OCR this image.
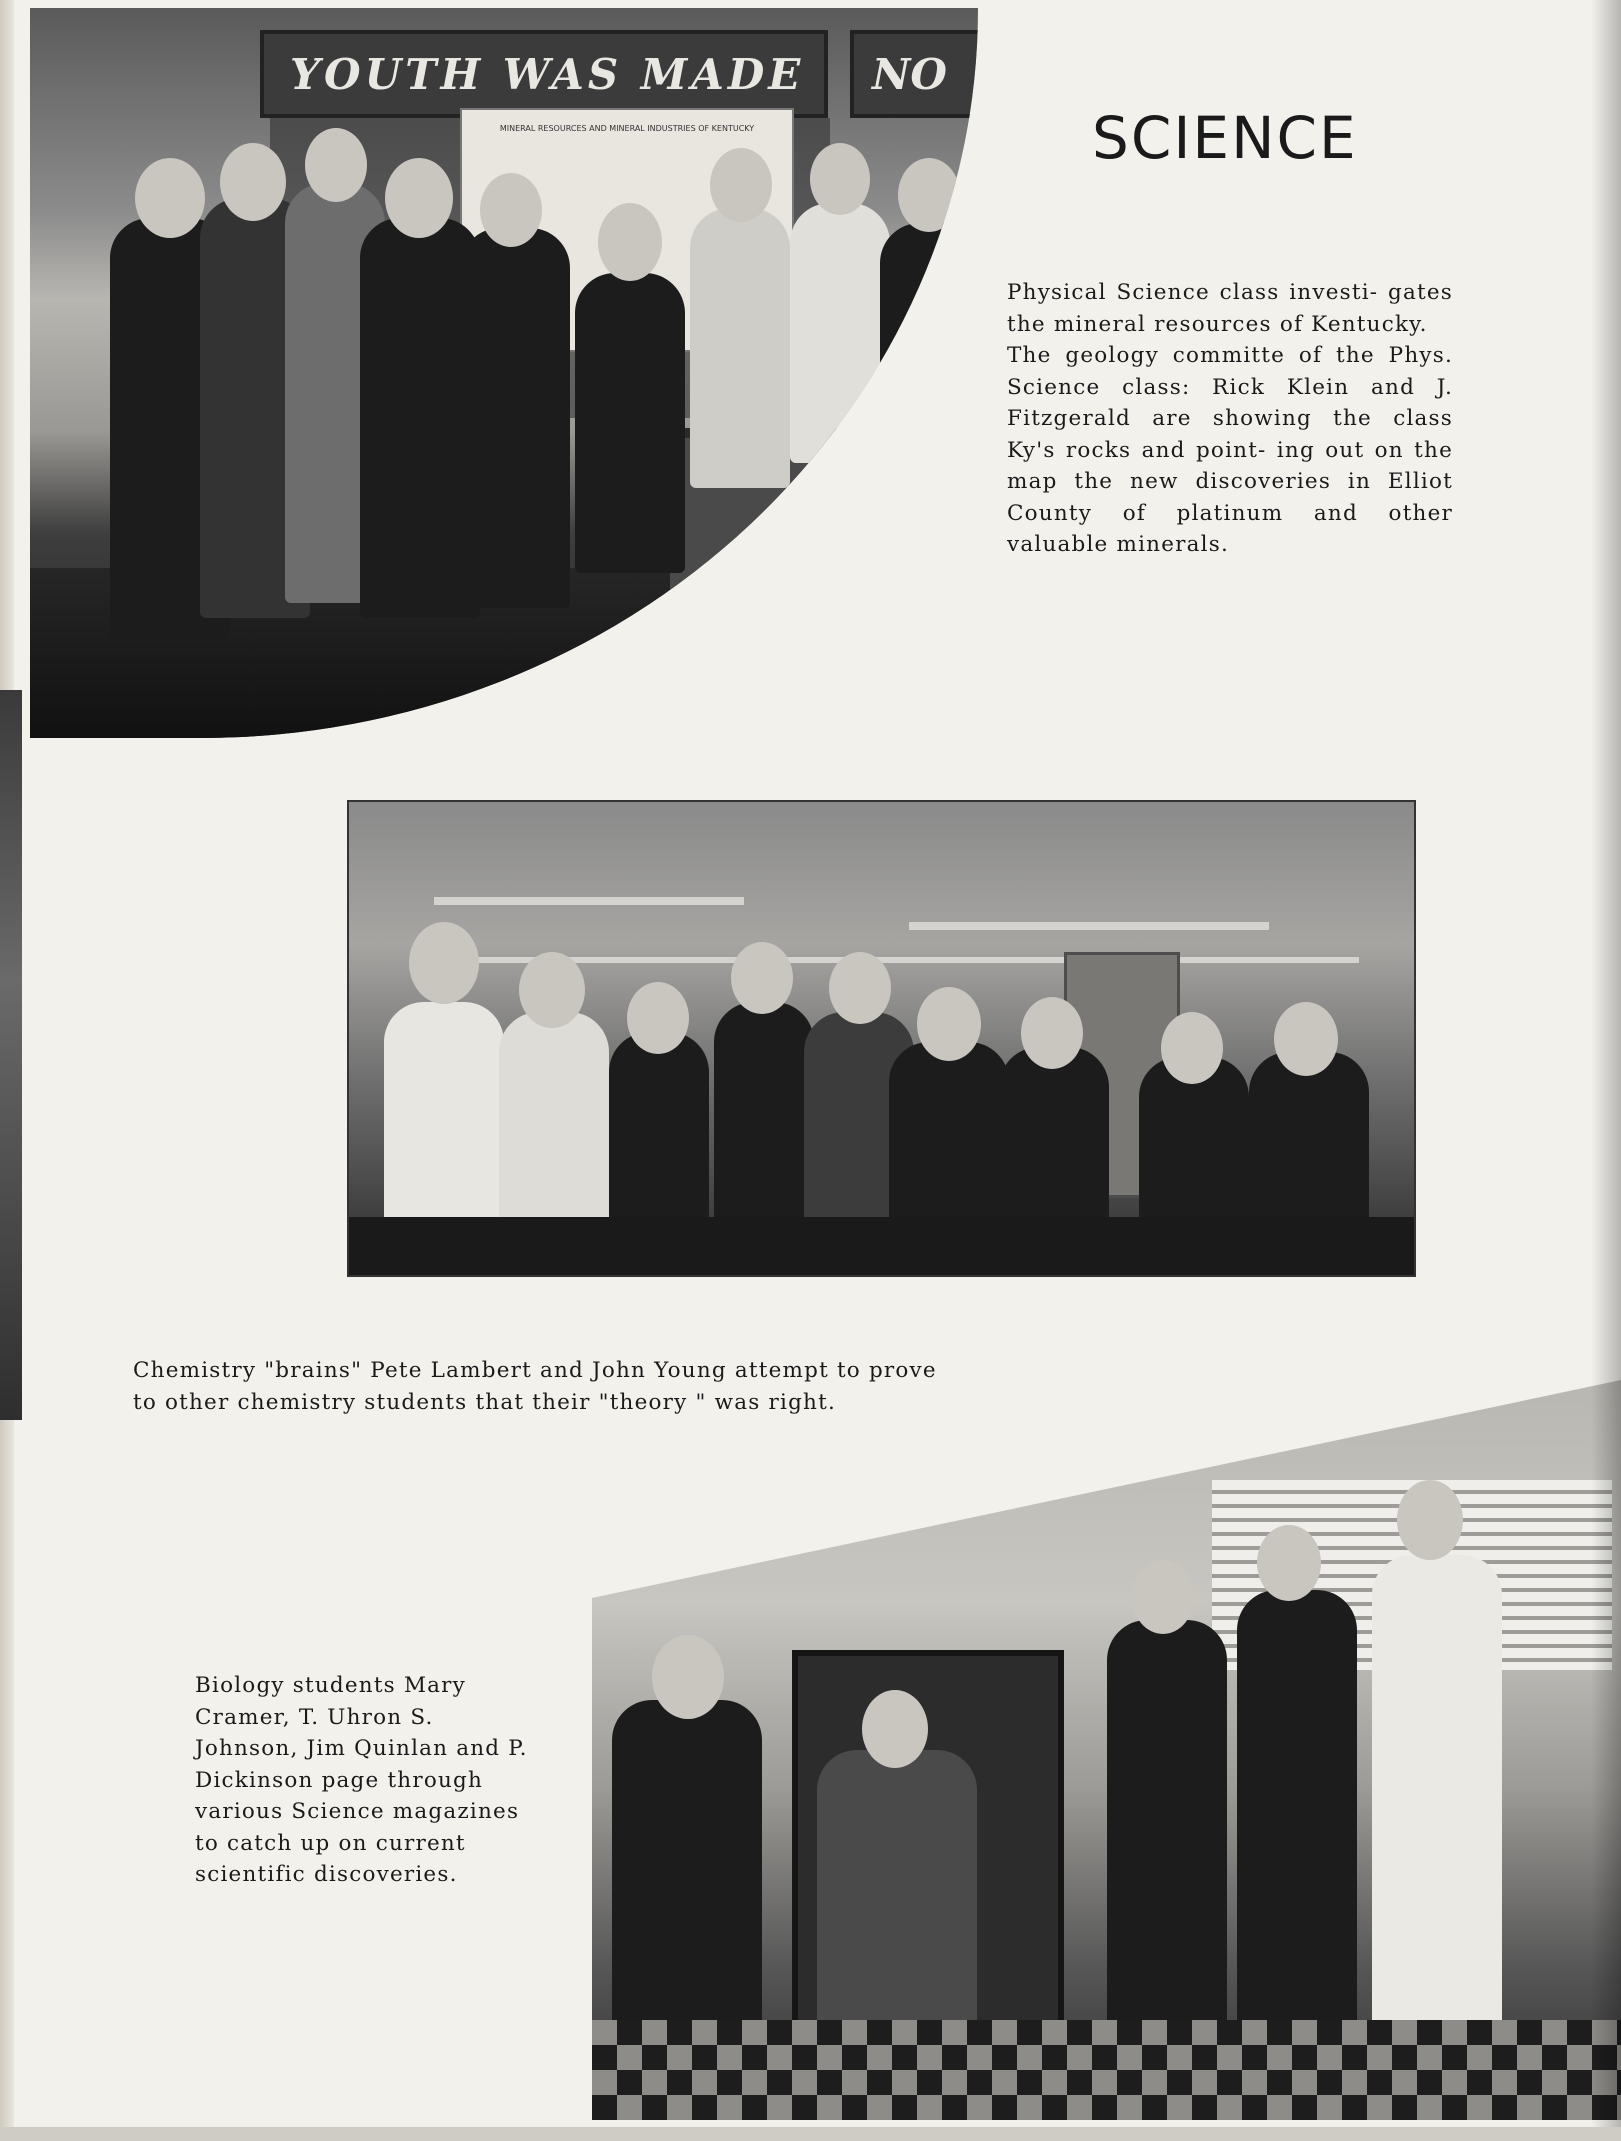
YOUTH WAS MADE	NO
MINERAL RESOURCES AND MINERAL INDUSTRIES OF KENTUCKY	SCIENCE

Physical Science class investi- gates the mineral resources of Kentucky.

The geology committe of the Phys. Science class: Rick Klein and J. Fitzgerald are showing the class Ky's rocks and point- ing out on the map the new discoveries in Elliot County of platinum and other valuable minerals.

Chemistry "brains" Pete Lambert and John Young attempt to prove to other chemistry students that their "theory " was right.

Biology students Mary Cramer, T. Uhron S. Johnson, Jim Quinlan and P. Dickinson page through various Science magazines to catch up on current scientific discoveries.
